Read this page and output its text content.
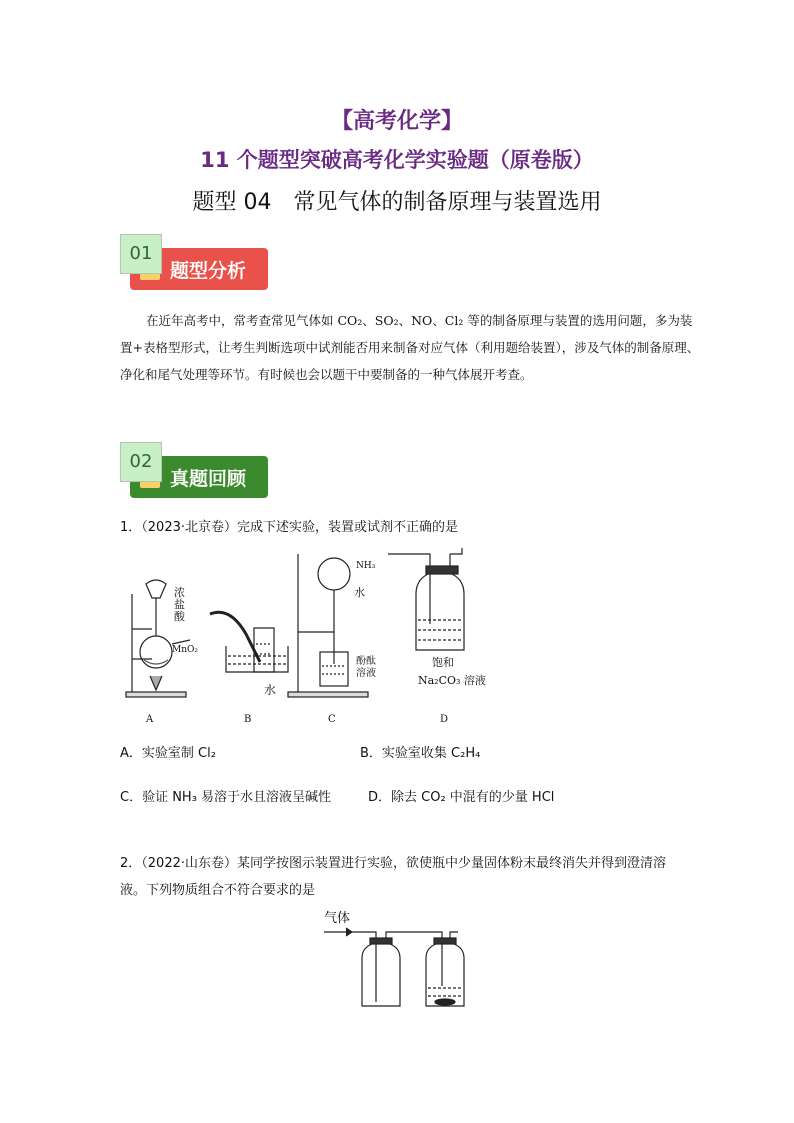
【高考化学】
11 个题型突破高考化学实验题（原卷版）
题型 04　常见气体的制备原理与装置选用
01
题型分析

在近年高考中，常考查常见气体如 CO₂、SO₂、NO、Cl₂ 等的制备原理与装置的选用问题，多为装置+表格型形式，让考生判断选项中试剂能否用来制备对应气体（利用题给装置），涉及气体的制备原理、净化和尾气处理等环节。有时候也会以题干中要制备的一种气体展开考查。

02
真题回顾
1．（2023·北京卷）完成下述实验，装置或试剂不正确的是
浓
盐
酸
MnO₂
水
NH₃
水
酚酞
溶液
饱和
Na₂CO₃ 溶液
A	B	C	D
A．实验室制 Cl₂	B．实验室收集 C₂H₄
C．验证 NH₃ 易溶于水且溶液呈碱性	D．除去 CO₂ 中混有的少量 HCl
2．（2022·山东卷）某同学按图示装置进行实验，欲使瓶中少量固体粉末最终消失并得到澄清溶液。下列物质组合不符合要求的是
气体
